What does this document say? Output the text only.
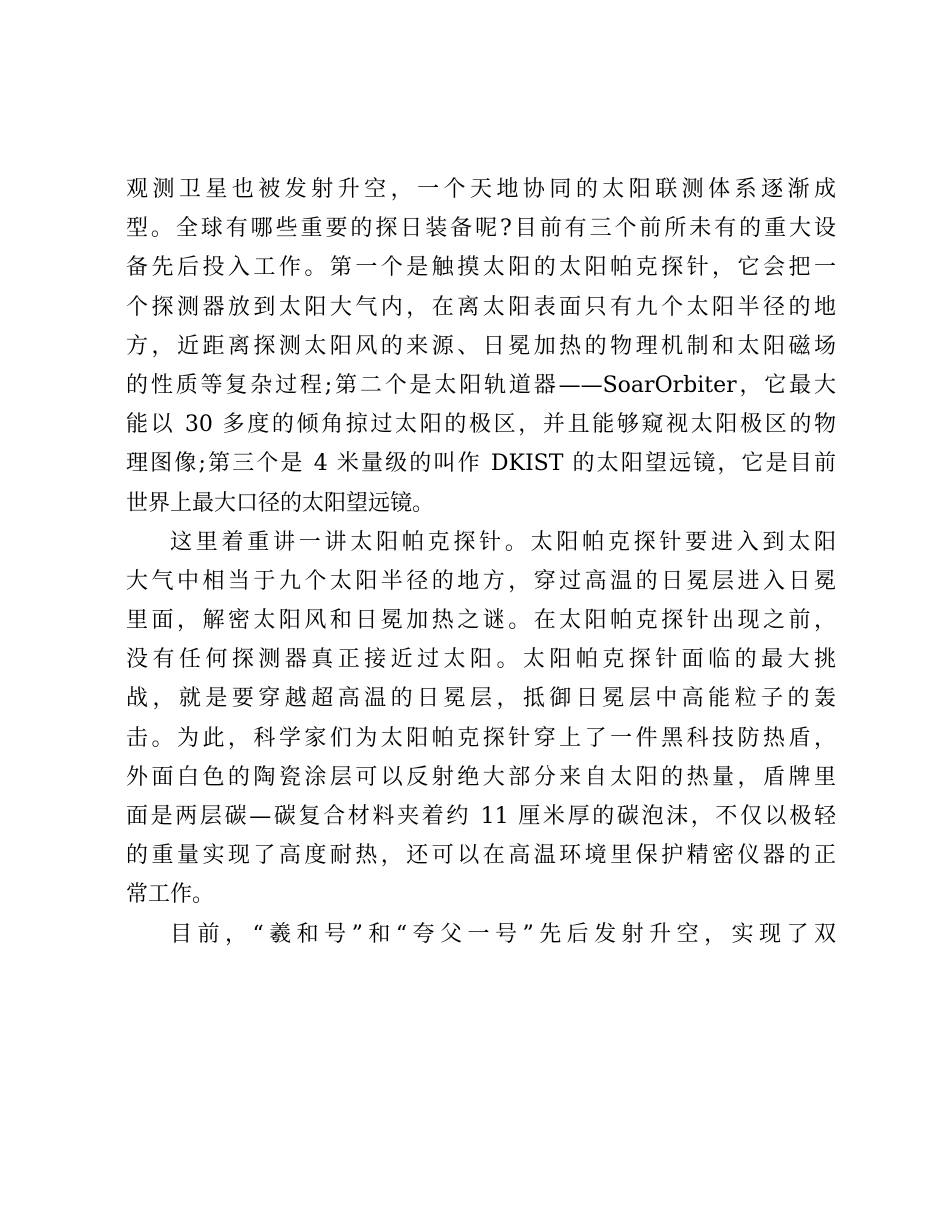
观测卫星也被发射升空，一个天地协同的太阳联测体系逐渐成
型。全球有哪些重要的探日装备呢?目前有三个前所未有的重大设
备先后投入工作。第一个是触摸太阳的太阳帕克探针，它会把一
个探测器放到太阳大气内，在离太阳表面只有九个太阳半径的地
方，近距离探测太阳风的来源、日冕加热的物理机制和太阳磁场
的性质等复杂过程;第二个是太阳轨道器——SoarOrbiter，它最大
能以 30 多度的倾角掠过太阳的极区，并且能够窥视太阳极区的物
理图像;第三个是 4 米量级的叫作 DKIST 的太阳望远镜，它是目前
世界上最大口径的太阳望远镜。
这里着重讲一讲太阳帕克探针。太阳帕克探针要进入到太阳
大气中相当于九个太阳半径的地方，穿过高温的日冕层进入日冕
里面，解密太阳风和日冕加热之谜。在太阳帕克探针出现之前，
没有任何探测器真正接近过太阳。太阳帕克探针面临的最大挑
战，就是要穿越超高温的日冕层，抵御日冕层中高能粒子的轰
击。为此，科学家们为太阳帕克探针穿上了一件黑科技防热盾，
外面白色的陶瓷涂层可以反射绝大部分来自太阳的热量，盾牌里
面是两层碳—碳复合材料夹着约 11 厘米厚的碳泡沫，不仅以极轻
的重量实现了高度耐热，还可以在高温环境里保护精密仪器的正
常工作。
目前，“羲和号”和“夸父一号”先后发射升空，实现了双
